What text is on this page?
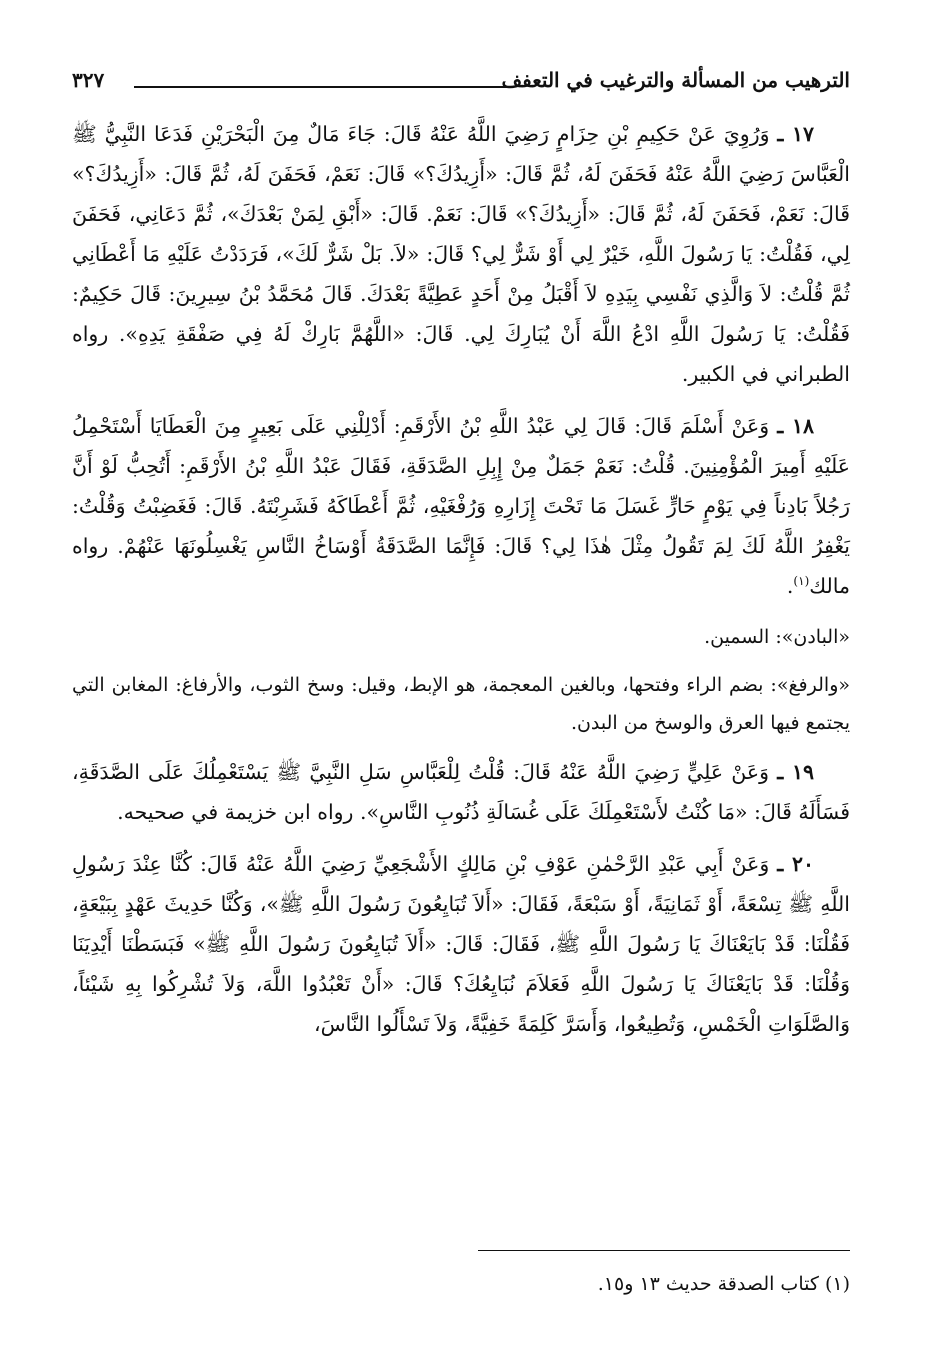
الترهيب من المسألة والترغيب في التعفف
٣٢٧

١٧ ـ وَرُوِيَ عَنْ حَكِيمِ بْنِ حِزَامٍ رَضِيَ اللَّهُ عَنْهُ قَالَ: جَاءَ مَالٌ مِنَ الْبَحْرَيْنِ فَدَعَا النَّبِيُّ ﷺ الْعَبَّاسَ رَضِيَ اللَّهُ عَنْهُ فَحَفَنَ لَهُ، ثُمَّ قَالَ: «أَزِيدُكَ؟» قَالَ: نَعَمْ، فَحَفَنَ لَهُ، ثُمَّ قَالَ: «أَزِيدُكَ؟» قَالَ: نَعَمْ، فَحَفَنَ لَهُ، ثُمَّ قَالَ: «أَزِيدُكَ؟» قَالَ: نَعَمْ. قَالَ: «أَبْقِ لِمَنْ بَعْدَكَ»، ثُمَّ دَعَانِي، فَحَفَنَ لِي، فَقُلْتُ: يَا رَسُولَ اللَّهِ، خَيْرٌ لِي أَوْ شَرٌّ لِي؟ قَالَ: «لاَ. بَلْ شَرٌّ لَكَ»، فَرَدَدْتُ عَلَيْهِ مَا أَعْطَانِي ثُمَّ قُلْتُ: لاَ وَالَّذِي نَفْسِي بِيَدِهِ لاَ أَقْبَلُ مِنْ أَحَدٍ عَطِيَّةً بَعْدَكَ. قَالَ مُحَمَّدُ بْنُ سِيرِينَ: قَالَ حَكِيمٌ: فَقُلْتُ: يَا رَسُولَ اللَّهِ ادْعُ اللَّهَ أَنْ يُبَارِكَ لِي. قَالَ: «اللَّهُمَّ بَارِكْ لَهُ فِي صَفْقَةِ يَدِهِ». رواه الطبراني في الكبير.

١٨ ـ وَعَنْ أَسْلَمَ قَالَ: قَالَ لِي عَبْدُ اللَّهِ بْنُ الأَرْقَمِ: أَدْلِلْنِي عَلَى بَعِيرٍ مِنَ الْعَطَايَا أَسْتَحْمِلُ عَلَيْهِ أَمِيرَ الْمُؤْمِنِينَ. قُلْتُ: نَعَمْ جَمَلٌ مِنْ إِبِلِ الصَّدَقَةِ، فَقَالَ عَبْدُ اللَّهِ بْنُ الأَرْقَمِ: أَتُحِبُّ لَوْ أَنَّ رَجُلاً بَادِناً فِي يَوْمٍ حَارٍّ غَسَلَ مَا تَحْتَ إِزَارِهِ وَرُفْغَيْهِ، ثُمَّ أَعْطَاكَهُ فَشَرِبْتَهُ. قَالَ: فَغَضِبْتُ وَقُلْتُ: يَغْفِرُ اللَّهُ لَكَ لِمَ تَقُولُ مِثْلَ هٰذَا لِي؟ قَالَ: فَإِنَّمَا الصَّدَقَةُ أَوْسَاخُ النَّاسِ يَغْسِلُونَهَا عَنْهُمْ. رواه مالك$^{(١)}$.

«البادن»: السمين.

«والرفغ»: بضم الراء وفتحها، وبالغين المعجمة، هو الإبط، وقيل: وسخ الثوب، والأرفاغ: المغابن التي يجتمع فيها العرق والوسخ من البدن.

١٩ ـ وَعَنْ عَلِيٍّ رَضِيَ اللَّهُ عَنْهُ قَالَ: قُلْتُ لِلْعَبَّاسِ سَلِ النَّبِيَّ ﷺ يَسْتَعْمِلُكَ عَلَى الصَّدَقَةِ، فَسَأَلَهُ قَالَ: «مَا كُنْتُ لأَسْتَعْمِلَكَ عَلَى غُسَالَةِ ذُنُوبِ النَّاسِ». رواه ابن خزيمة في صحيحه.

٢٠ ـ وَعَنْ أَبِي عَبْدِ الرَّحْمٰنِ عَوْفِ بْنِ مَالِكٍ الأَشْجَعِيِّ رَضِيَ اللَّهُ عَنْهُ قَالَ: كُنَّا عِنْدَ رَسُولِ اللَّهِ ﷺ تِسْعَةً، أَوْ ثَمَانِيَةً، أَوْ سَبْعَةً، فَقَالَ: «أَلاَ تُبَايِعُونَ رَسُولَ اللَّهِ ﷺ»، وَكُنَّا حَدِيثَ عَهْدٍ بِبَيْعَةٍ، فَقُلْنَا: قَدْ بَايَعْنَاكَ يَا رَسُولَ اللَّهِ ﷺ، فَقَالَ: قَالَ: «أَلاَ تُبَايِعُونَ رَسُولَ اللَّهِ ﷺ» فَبَسَطْنَا أَيْدِيَنَا وَقُلْنَا: قَدْ بَايَعْنَاكَ يَا رَسُولَ اللَّهِ فَعَلاَمَ نُبَايِعُكَ؟ قَالَ: «أَنْ تَعْبُدُوا اللَّهَ، وَلاَ تُشْرِكُوا بِهِ شَيْئاً، وَالصَّلَوَاتِ الْخَمْسِ، وَتُطِيعُوا، وَأَسَرَّ كَلِمَةً خَفِيَّةً، وَلاَ تَسْأَلُوا النَّاسَ،

(١) كتاب الصدقة حديث ١٣ و١٥.
